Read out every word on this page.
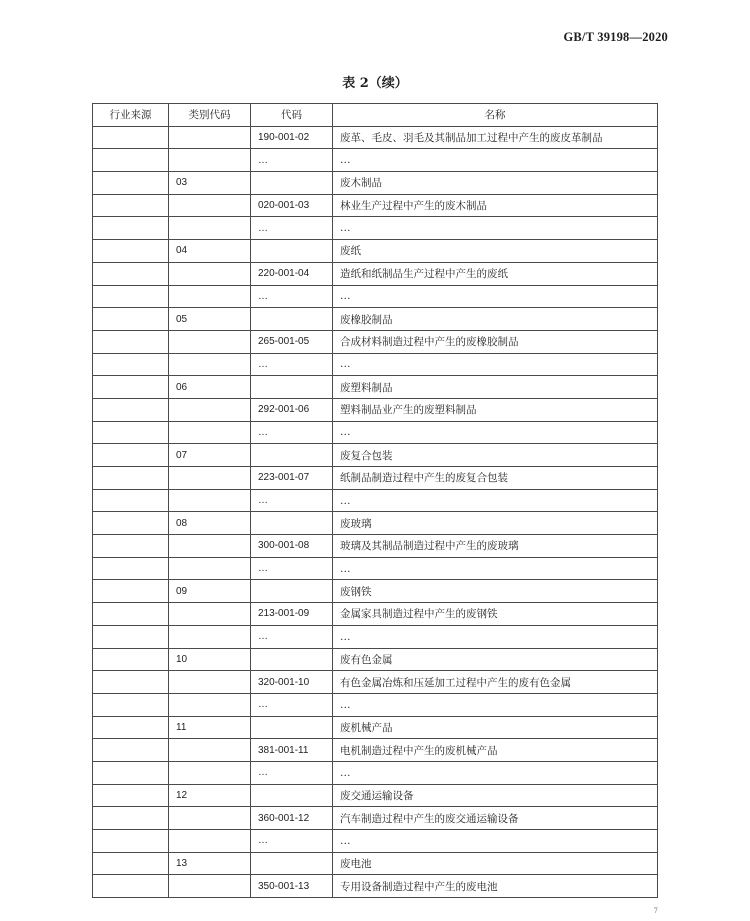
GB/T 39198—2020
表 2（续）
行业来源	类别代码	代码	名称
		190-001-02	废革、毛皮、羽毛及其制品加工过程中产生的废皮革制品
		…	…
	03		废木制品
		020-001-03	林业生产过程中产生的废木制品
		…	…
	04		废纸
		220-001-04	造纸和纸制品生产过程中产生的废纸
		…	…
	05		废橡胶制品
		265-001-05	合成材料制造过程中产生的废橡胶制品
		…	…
	06		废塑料制品
		292-001-06	塑料制品业产生的废塑料制品
		…	…
	07		废复合包装
		223-001-07	纸制品制造过程中产生的废复合包装
		…	…
	08		废玻璃
		300-001-08	玻璃及其制品制造过程中产生的废玻璃
		…	…
	09		废钢铁
		213-001-09	金属家具制造过程中产生的废钢铁
		…	…
	10		废有色金属
		320-001-10	有色金属冶炼和压延加工过程中产生的废有色金属
		…	…
	11		废机械产品
		381-001-11	电机制造过程中产生的废机械产品
		…	…
	12		废交通运输设备
		360-001-12	汽车制造过程中产生的废交通运输设备
		…	…
	13		废电池
		350-001-13	专用设备制造过程中产生的废电池
7
